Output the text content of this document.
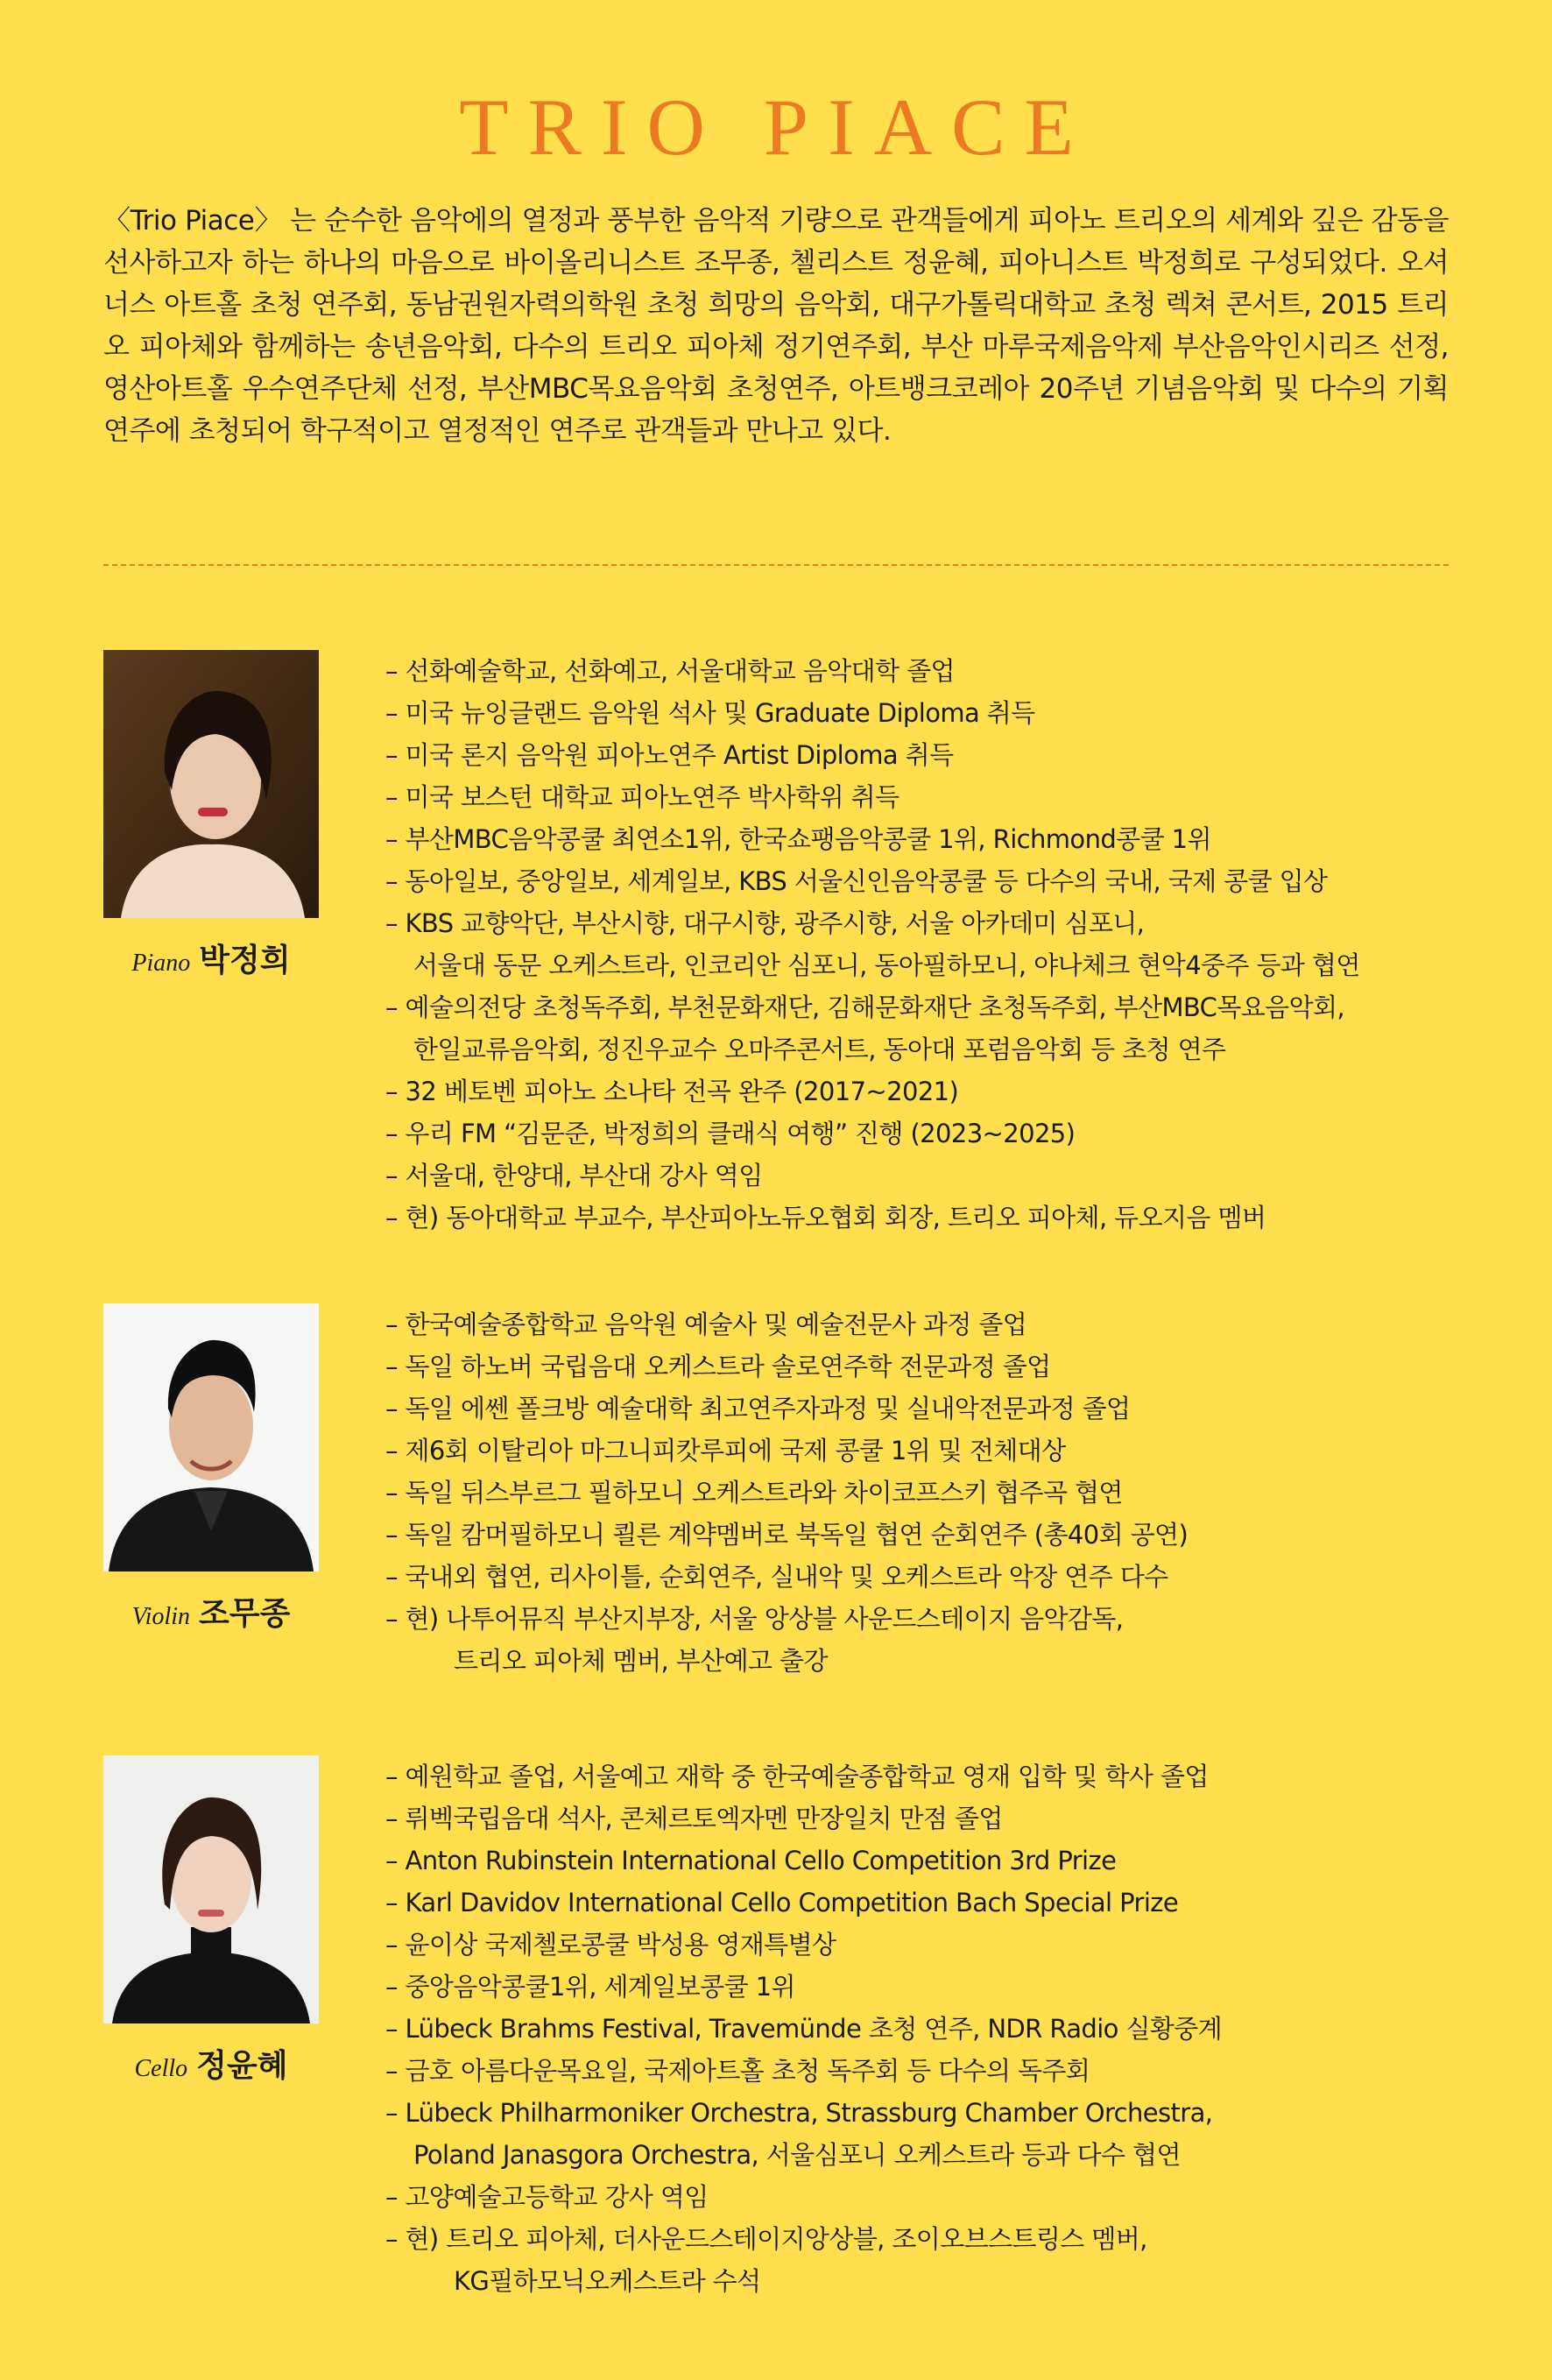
TRIO PIACE

〈Trio Piace〉 는 순수한 음악에의 열정과 풍부한 음악적 기량으로 관객들에게 피아노 트리오의 세계와 깊은 감동을 선사하고자 하는 하나의 마음으로 바이올리니스트 조무종, 첼리스트 정윤혜, 피아니스트 박정희로 구성되었다. 오셔너스 아트홀 초청 연주회, 동남권원자력의학원 초청 희망의 음악회, 대구가톨릭대학교 초청 렉쳐 콘서트, 2015 트리오 피아체와 함께하는 송년음악회, 다수의 트리오 피아체 정기연주회, 부산 마루국제음악제 부산음악인시리즈 선정, 영산아트홀 우수연주단체 선정, 부산MBC목요음악회 초청연주, 아트뱅크코레아 20주년 기념음악회 및 다수의 기획연주에 초청되어 학구적이고 열정적인 연주로 관객들과 만나고 있다.

Piano 박정희
– 선화예술학교, 선화예고, 서울대학교 음악대학 졸업
– 미국 뉴잉글랜드 음악원 석사 및 Graduate Diploma 취득
– 미국 론지 음악원 피아노연주 Artist Diploma 취득
– 미국 보스턴 대학교 피아노연주 박사학위 취득
– 부산MBC음악콩쿨 최연소1위, 한국쇼팽음악콩쿨 1위, Richmond콩쿨 1위
– 동아일보, 중앙일보, 세계일보, KBS 서울신인음악콩쿨 등 다수의 국내, 국제 콩쿨 입상
– KBS 교향악단, 부산시향, 대구시향, 광주시향, 서울 아카데미 심포니,
서울대 동문 오케스트라, 인코리안 심포니, 동아필하모니, 야나체크 현악4중주 등과 협연
– 예술의전당 초청독주회, 부천문화재단, 김해문화재단 초청독주회, 부산MBC목요음악회,
한일교류음악회, 정진우교수 오마주콘서트, 동아대 포럼음악회 등 초청 연주
– 32 베토벤 피아노 소나타 전곡 완주 (2017~2021)
– 우리 FM “김문준, 박정희의 클래식 여행” 진행 (2023~2025)
– 서울대, 한양대, 부산대 강사 역임
– 현) 동아대학교 부교수, 부산피아노듀오협회 회장, 트리오 피아체, 듀오지음 멤버
Violin 조무종
– 한국예술종합학교 음악원 예술사 및 예술전문사 과정 졸업
– 독일 하노버 국립음대 오케스트라 솔로연주학 전문과정 졸업
– 독일 에쎈 폴크방 예술대학 최고연주자과정 및 실내악전문과정 졸업
– 제6회 이탈리아 마그니피캇루피에 국제 콩쿨 1위 및 전체대상
– 독일 뒤스부르그 필하모니 오케스트라와 차이코프스키 협주곡 협연
– 독일 캄머필하모니 쾰른 계약멤버로 북독일 협연 순회연주 (총40회 공연)
– 국내외 협연, 리사이틀, 순회연주, 실내악 및 오케스트라 악장 연주 다수
– 현) 나투어뮤직 부산지부장, 서울 앙상블 사운드스테이지 음악감독,
트리오 피아체 멤버, 부산예고 출강
Cello 정윤혜
– 예원학교 졸업, 서울예고 재학 중 한국예술종합학교 영재 입학 및 학사 졸업
– 뤼벡국립음대 석사, 콘체르토엑자멘 만장일치 만점 졸업
– Anton Rubinstein International Cello Competition 3rd Prize
– Karl Davidov International Cello Competition Bach Special Prize
– 윤이상 국제첼로콩쿨 박성용 영재특별상
– 중앙음악콩쿨1위, 세계일보콩쿨 1위
– Lübeck Brahms Festival, Travemünde 초청 연주, NDR Radio 실황중계
– 금호 아름다운목요일, 국제아트홀 초청 독주회 등 다수의 독주회
– Lübeck Philharmoniker Orchestra, Strassburg Chamber Orchestra,
Poland Janasgora Orchestra, 서울심포니 오케스트라 등과 다수 협연
– 고양예술고등학교 강사 역임
– 현) 트리오 피아체, 더사운드스테이지앙상블, 조이오브스트링스 멤버,
KG필하모닉오케스트라 수석
